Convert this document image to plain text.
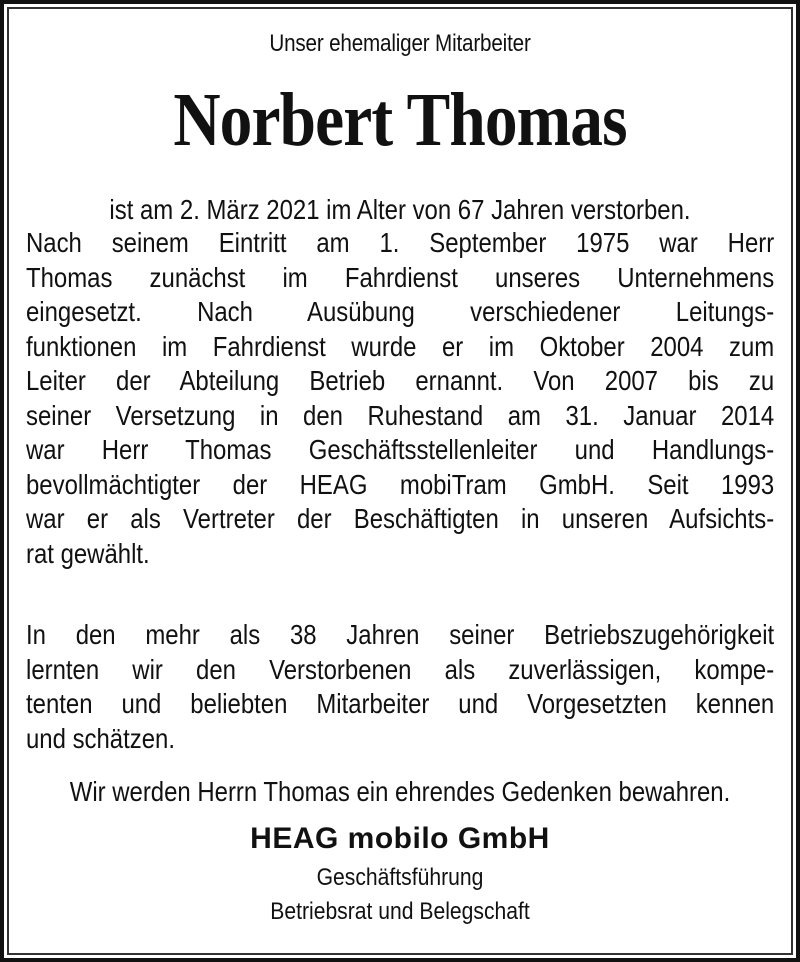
Unser ehemaliger Mitarbeiter
Norbert Thomas
ist am 2. März 2021 im Alter von 67 Jahren verstorben.
Nach seinem Eintritt am 1. September 1975 war Herr
Thomas zunächst im Fahrdienst unseres Unternehmens
eingesetzt. Nach Ausübung verschiedener Leitungs-
funktionen im Fahrdienst wurde er im Oktober 2004 zum
Leiter der Abteilung Betrieb ernannt. Von 2007 bis zu
seiner Versetzung in den Ruhestand am 31. Januar 2014
war Herr Thomas Geschäftsstellenleiter und Handlungs-
bevollmächtigter der HEAG mobiTram GmbH. Seit 1993
war er als Vertreter der Beschäftigten in unseren Aufsichts-
rat gewählt.
In den mehr als 38 Jahren seiner Betriebszugehörigkeit
lernten wir den Verstorbenen als zuverlässigen, kompe-
tenten und beliebten Mitarbeiter und Vorgesetzten kennen
und schätzen.
Wir werden Herrn Thomas ein ehrendes Gedenken bewahren.
HEAG mobilo GmbH
Geschäftsführung
Betriebsrat und Belegschaft
